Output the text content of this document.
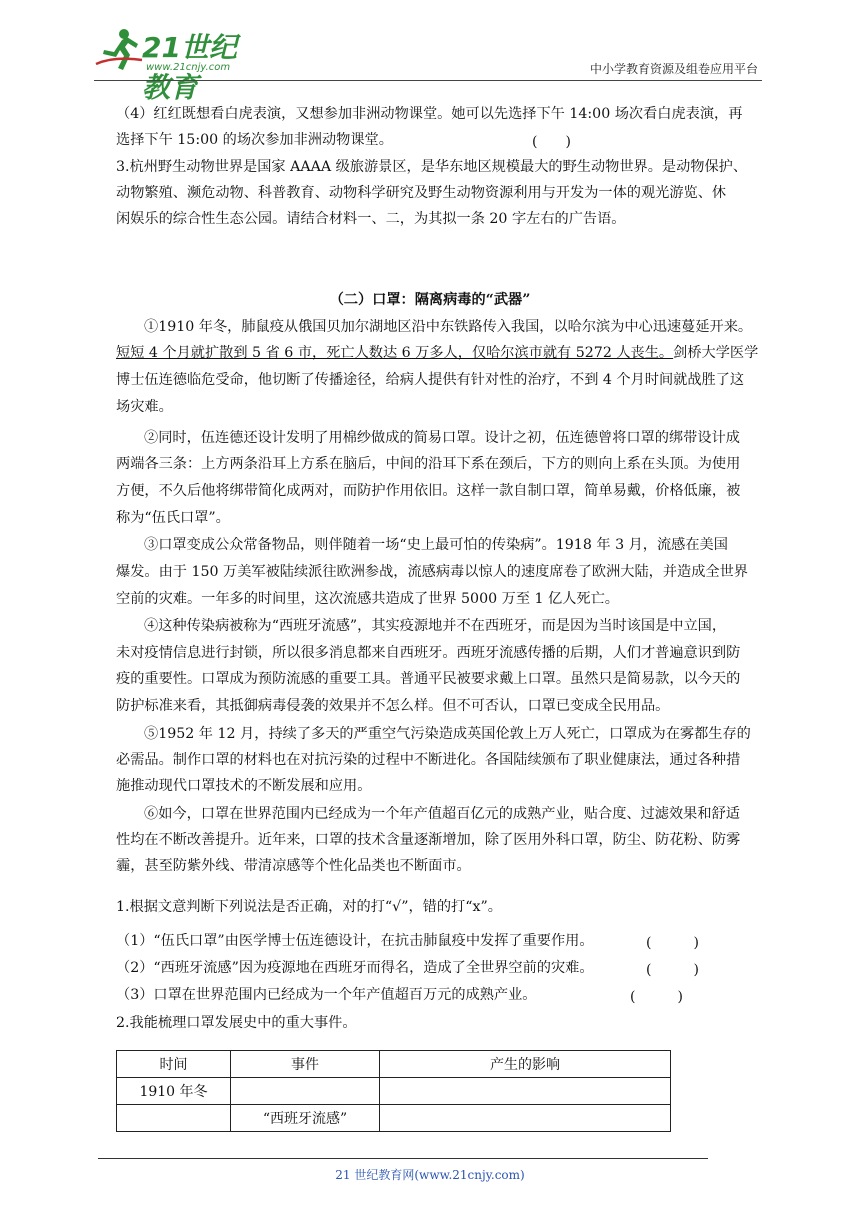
21世纪教育
www.21cnjy.com	中小学教育资源及组卷应用平台
（4）红红既想看白虎表演，又想参加非洲动物课堂。她可以先选择下午 14:00 场次看白虎表演，再
选择下午 15:00 的场次参加非洲动物课堂。	(　　)
3.杭州野生动物世界是国家 AAAA 级旅游景区，是华东地区规模最大的野生动物世界。是动物保护、
动物繁殖、濒危动物、科普教育、动物科学研究及野生动物资源利用与开发为一体的观光游览、休
闲娱乐的综合性生态公园。请结合材料一、二，为其拟一条 20 字左右的广告语。
（二）口罩：隔离病毒的“武器”
①1910 年冬，肺鼠疫从俄国贝加尔湖地区沿中东铁路传入我国，以哈尔滨为中心迅速蔓延开来。
短短 4 个月就扩散到 5 省 6 市，死亡人数达 6 万多人，仅哈尔滨市就有 5272 人丧生。剑桥大学医学
博士伍连德临危受命，他切断了传播途径，给病人提供有针对性的治疗，不到 4 个月时间就战胜了这
场灾难。
②同时，伍连德还设计发明了用棉纱做成的简易口罩。设计之初，伍连德曾将口罩的绑带设计成
两端各三条：上方两条沿耳上方系在脑后，中间的沿耳下系在颈后，下方的则向上系在头顶。为使用
方便，不久后他将绑带简化成两对，而防护作用依旧。这样一款自制口罩，简单易戴，价格低廉，被
称为“伍氏口罩”。
③口罩变成公众常备物品，则伴随着一场“史上最可怕的传染病”。1918 年 3 月，流感在美国
爆发。由于 150 万美军被陆续派往欧洲参战，流感病毒以惊人的速度席卷了欧洲大陆，并造成全世界
空前的灾难。一年多的时间里，这次流感共造成了世界 5000 万至 1 亿人死亡。
④这种传染病被称为“西班牙流感”，其实疫源地并不在西班牙，而是因为当时该国是中立国，
未对疫情信息进行封锁，所以很多消息都来自西班牙。西班牙流感传播的后期，人们才普遍意识到防
疫的重要性。口罩成为预防流感的重要工具。普通平民被要求戴上口罩。虽然只是简易款，以今天的
防护标准来看，其抵御病毒侵袭的效果并不怎么样。但不可否认，口罩已变成全民用品。
⑤1952 年 12 月，持续了多天的严重空气污染造成英国伦敦上万人死亡，口罩成为在雾都生存的
必需品。制作口罩的材料也在对抗污染的过程中不断进化。各国陆续颁布了职业健康法，通过各种措
施推动现代口罩技术的不断发展和应用。
⑥如今，口罩在世界范围内已经成为一个年产值超百亿元的成熟产业，贴合度、过滤效果和舒适
性均在不断改善提升。近年来，口罩的技术含量逐渐增加，除了医用外科口罩，防尘、防花粉、防雾
霾，甚至防紫外线、带清凉感等个性化品类也不断面市。
1.根据文意判断下列说法是否正确，对的打“√”，错的打“x”。
（1）“伍氏口罩”由医学博士伍连德设计，在抗击肺鼠疫中发挥了重要作用。	(　　　)
（2）“西班牙流感”因为疫源地在西班牙而得名，造成了全世界空前的灾难。	(　　　)
（3）口罩在世界范围内已经成为一个年产值超百万元的成熟产业。	(　　　)
2.我能梳理口罩发展史中的重大事件。
时间	事件	产生的影响
1910 年冬		
	“西班牙流感”	
21 世纪教育网(www.21cnjy.com)
